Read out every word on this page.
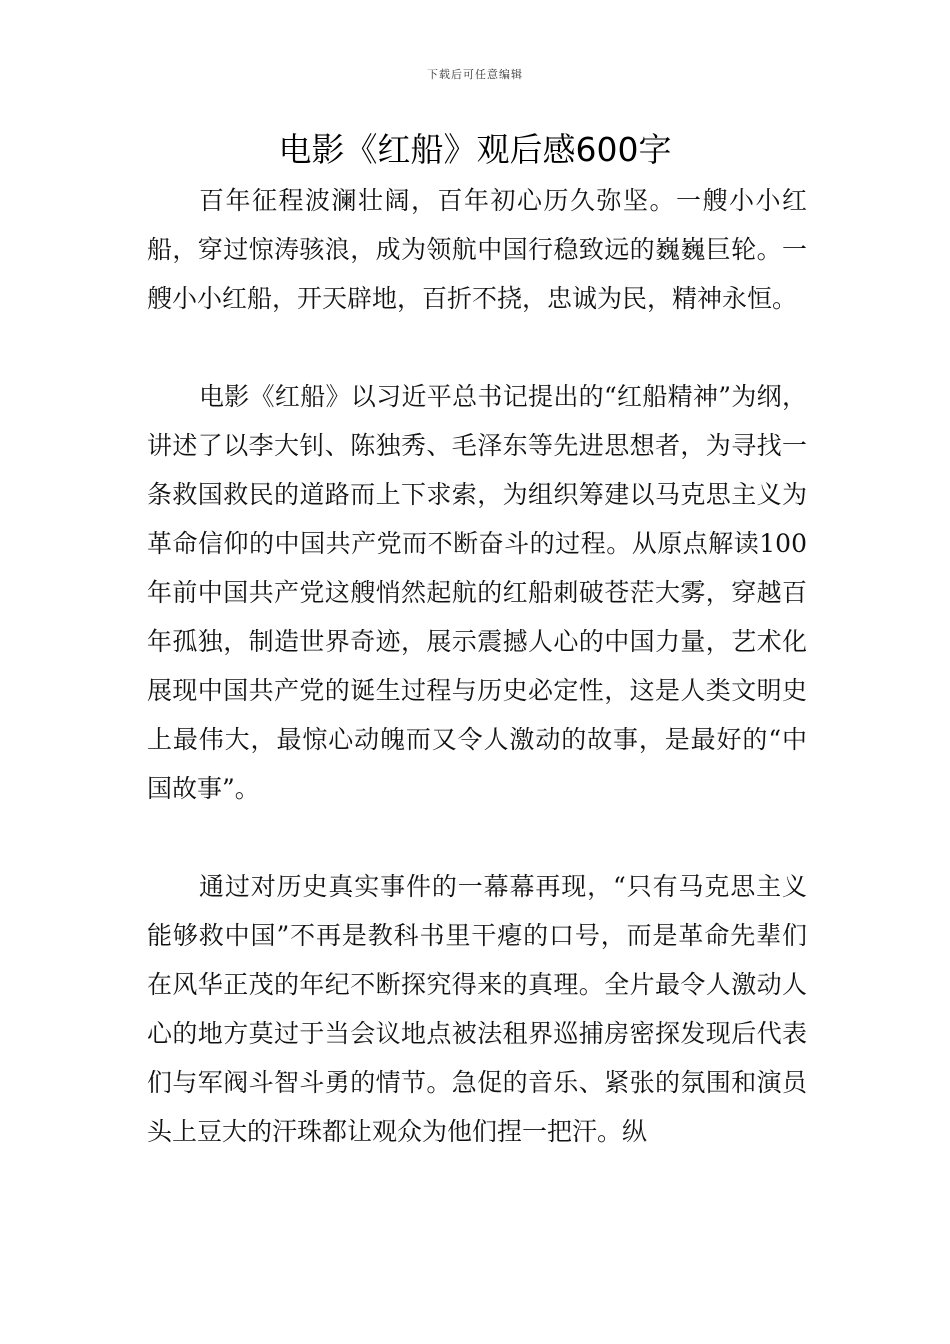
下载后可任意编辑
电影《红船》观后感600字

百年征程波澜壮阔，百年初心历久弥坚。一艘小小红船，穿过惊涛骇浪，成为领航中国行稳致远的巍巍巨轮。一艘小小红船，开天辟地，百折不挠，忠诚为民，精神永恒。

电影《红船》以习近平总书记提出的“红船精神”为纲，讲述了以李大钊、陈独秀、毛泽东等先进思想者，为寻找一条救国救民的道路而上下求索，为组织筹建以马克思主义为革命信仰的中国共产党而不断奋斗的过程。从原点解读100年前中国共产党这艘悄然起航的红船刺破苍茫大雾，穿越百年孤独，制造世界奇迹，展示震撼人心的中国力量，艺术化展现中国共产党的诞生过程与历史必定性，这是人类文明史上最伟大，最惊心动魄而又令人激动的故事，是最好的“中国故事”。

通过对历史真实事件的一幕幕再现，“只有马克思主义能够救中国”不再是教科书里干瘪的口号，而是革命先辈们在风华正茂的年纪不断探究得来的真理。全片最令人激动人心的地方莫过于当会议地点被法租界巡捕房密探发现后代表们与军阀斗智斗勇的情节。急促的音乐、紧张的氛围和演员头上豆大的汗珠都让观众为他们捏一把汗。纵
